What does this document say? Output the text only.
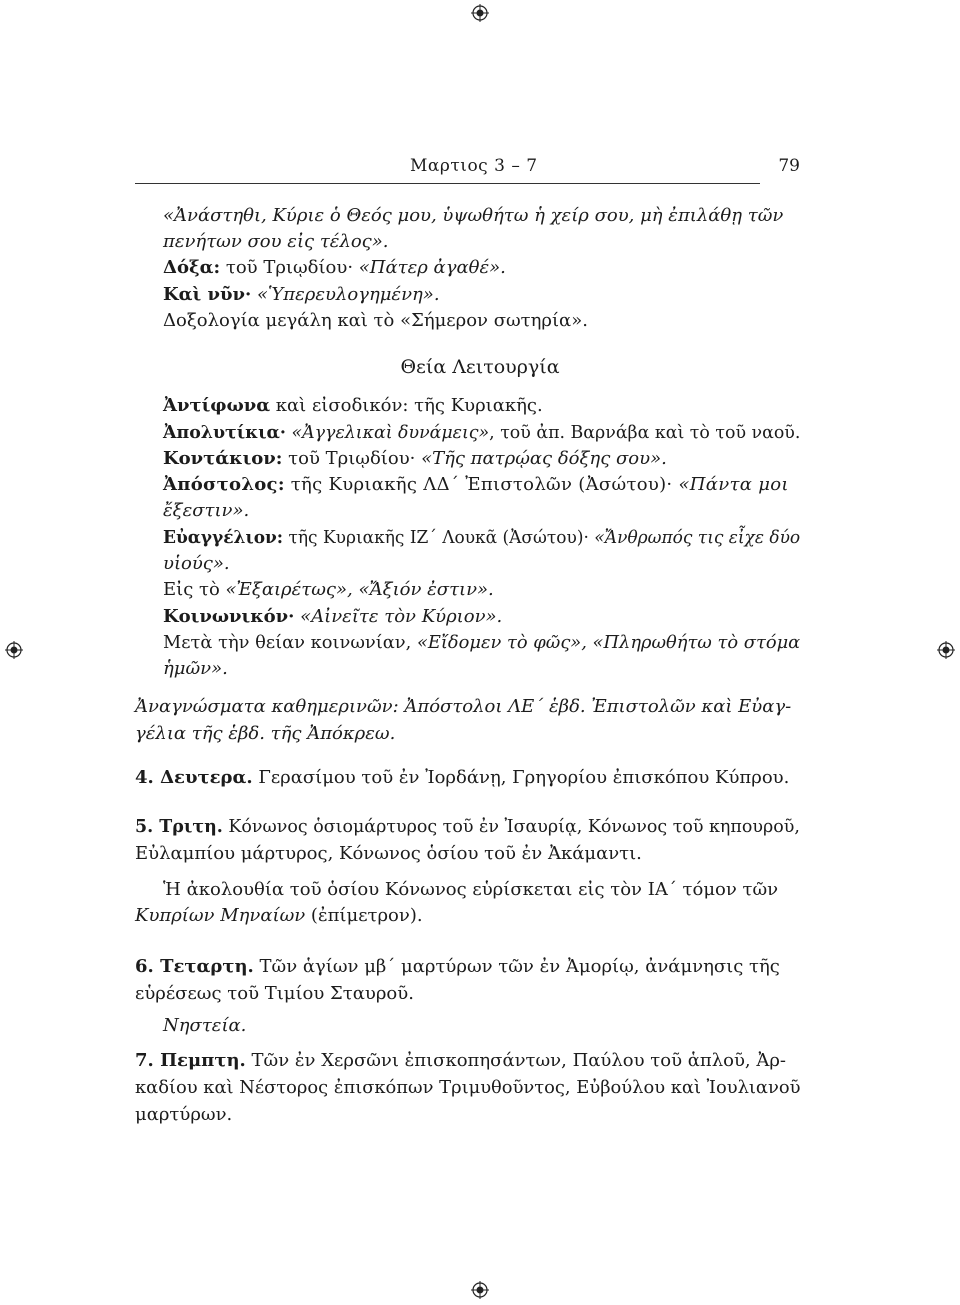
Μαρτιος 3 – 7	79
«Ἀνάστηθι, Κύριε ὁ Θεός μου, ὑψωθήτω ἡ χείρ σου, μὴ ἐπιλάθῃ τῶν
πενήτων σου εἰς τέλος».
Δόξα: τοῦ Τριῳδίου· «Πάτερ ἀγαθέ».
Καὶ νῦν· «Ὑπερευλογημένη».
Δοξολογία μεγάλη καὶ τὸ «Σήμερον σωτηρία».
Θεία Λειτουργία
Ἀντίφωνα καὶ εἰσοδικόν: τῆς Κυριακῆς.
Ἀπολυτίκια· «Ἀγγελικαὶ δυνάμεις», τοῦ ἀπ. Βαρνάβα καὶ τὸ τοῦ ναοῦ.
Κοντάκιον: τοῦ Τριῳδίου· «Τῆς πατρῴας δόξης σου».
Ἀπόστολος: τῆς Κυριακῆς ΛΔ´ Ἐπιστολῶν (Ἀσώτου)· «Πάντα μοι
ἔξεστιν».
Εὐαγγέλιον: τῆς Κυριακῆς ΙΖ´ Λουκᾶ (Ἀσώτου)· «Ἄνθρωπός τις εἶχε δύο
υἱούς».
Εἰς τὸ «Ἐξαιρέτως», «Ἄξιόν ἐστιν».
Κοινωνικόν· «Αἰνεῖτε τὸν Κύριον».
Μετὰ τὴν θείαν κοινωνίαν, «Εἴδομεν τὸ φῶς», «Πληρωθήτω τὸ στόμα
ἡμῶν».
Ἀναγνώσματα καθημερινῶν: Ἀπόστολοι ΛΕ´ ἑβδ. Ἐπιστολῶν καὶ Εὐαγ-
γέλια τῆς ἑβδ. τῆς Ἀπόκρεω.
4. Δευτερα. Γερασίμου τοῦ ἐν Ἰορδάνῃ, Γρηγορίου ἐπισκόπου Κύπρου.
5. Τριτη. Κόνωνος ὁσιομάρτυρος τοῦ ἐν Ἰσαυρίᾳ, Κόνωνος τοῦ κηπουροῦ,
Εὐλαμπίου μάρτυρος, Κόνωνος ὁσίου τοῦ ἐν Ἀκάμαντι.
Ἡ ἀκολουθία τοῦ ὁσίου Κόνωνος εὑρίσκεται εἰς τὸν ΙΑ´ τόμον τῶν
Κυπρίων Μηναίων (ἐπίμετρον).
6. Τεταρτη. Τῶν ἁγίων μβ´ μαρτύρων τῶν ἐν Ἀμορίῳ, ἀνάμνησις τῆς
εὑρέσεως τοῦ Τιμίου Σταυροῦ.
Νηστεία.
7. Πεμπτη. Τῶν ἐν Χερσῶνι ἐπισκοπησάντων, Παύλου τοῦ ἁπλοῦ, Ἀρ-
καδίου καὶ Νέστορος ἐπισκόπων Τριμυθοῦντος, Εὐβούλου καὶ Ἰουλιανοῦ
μαρτύρων.
